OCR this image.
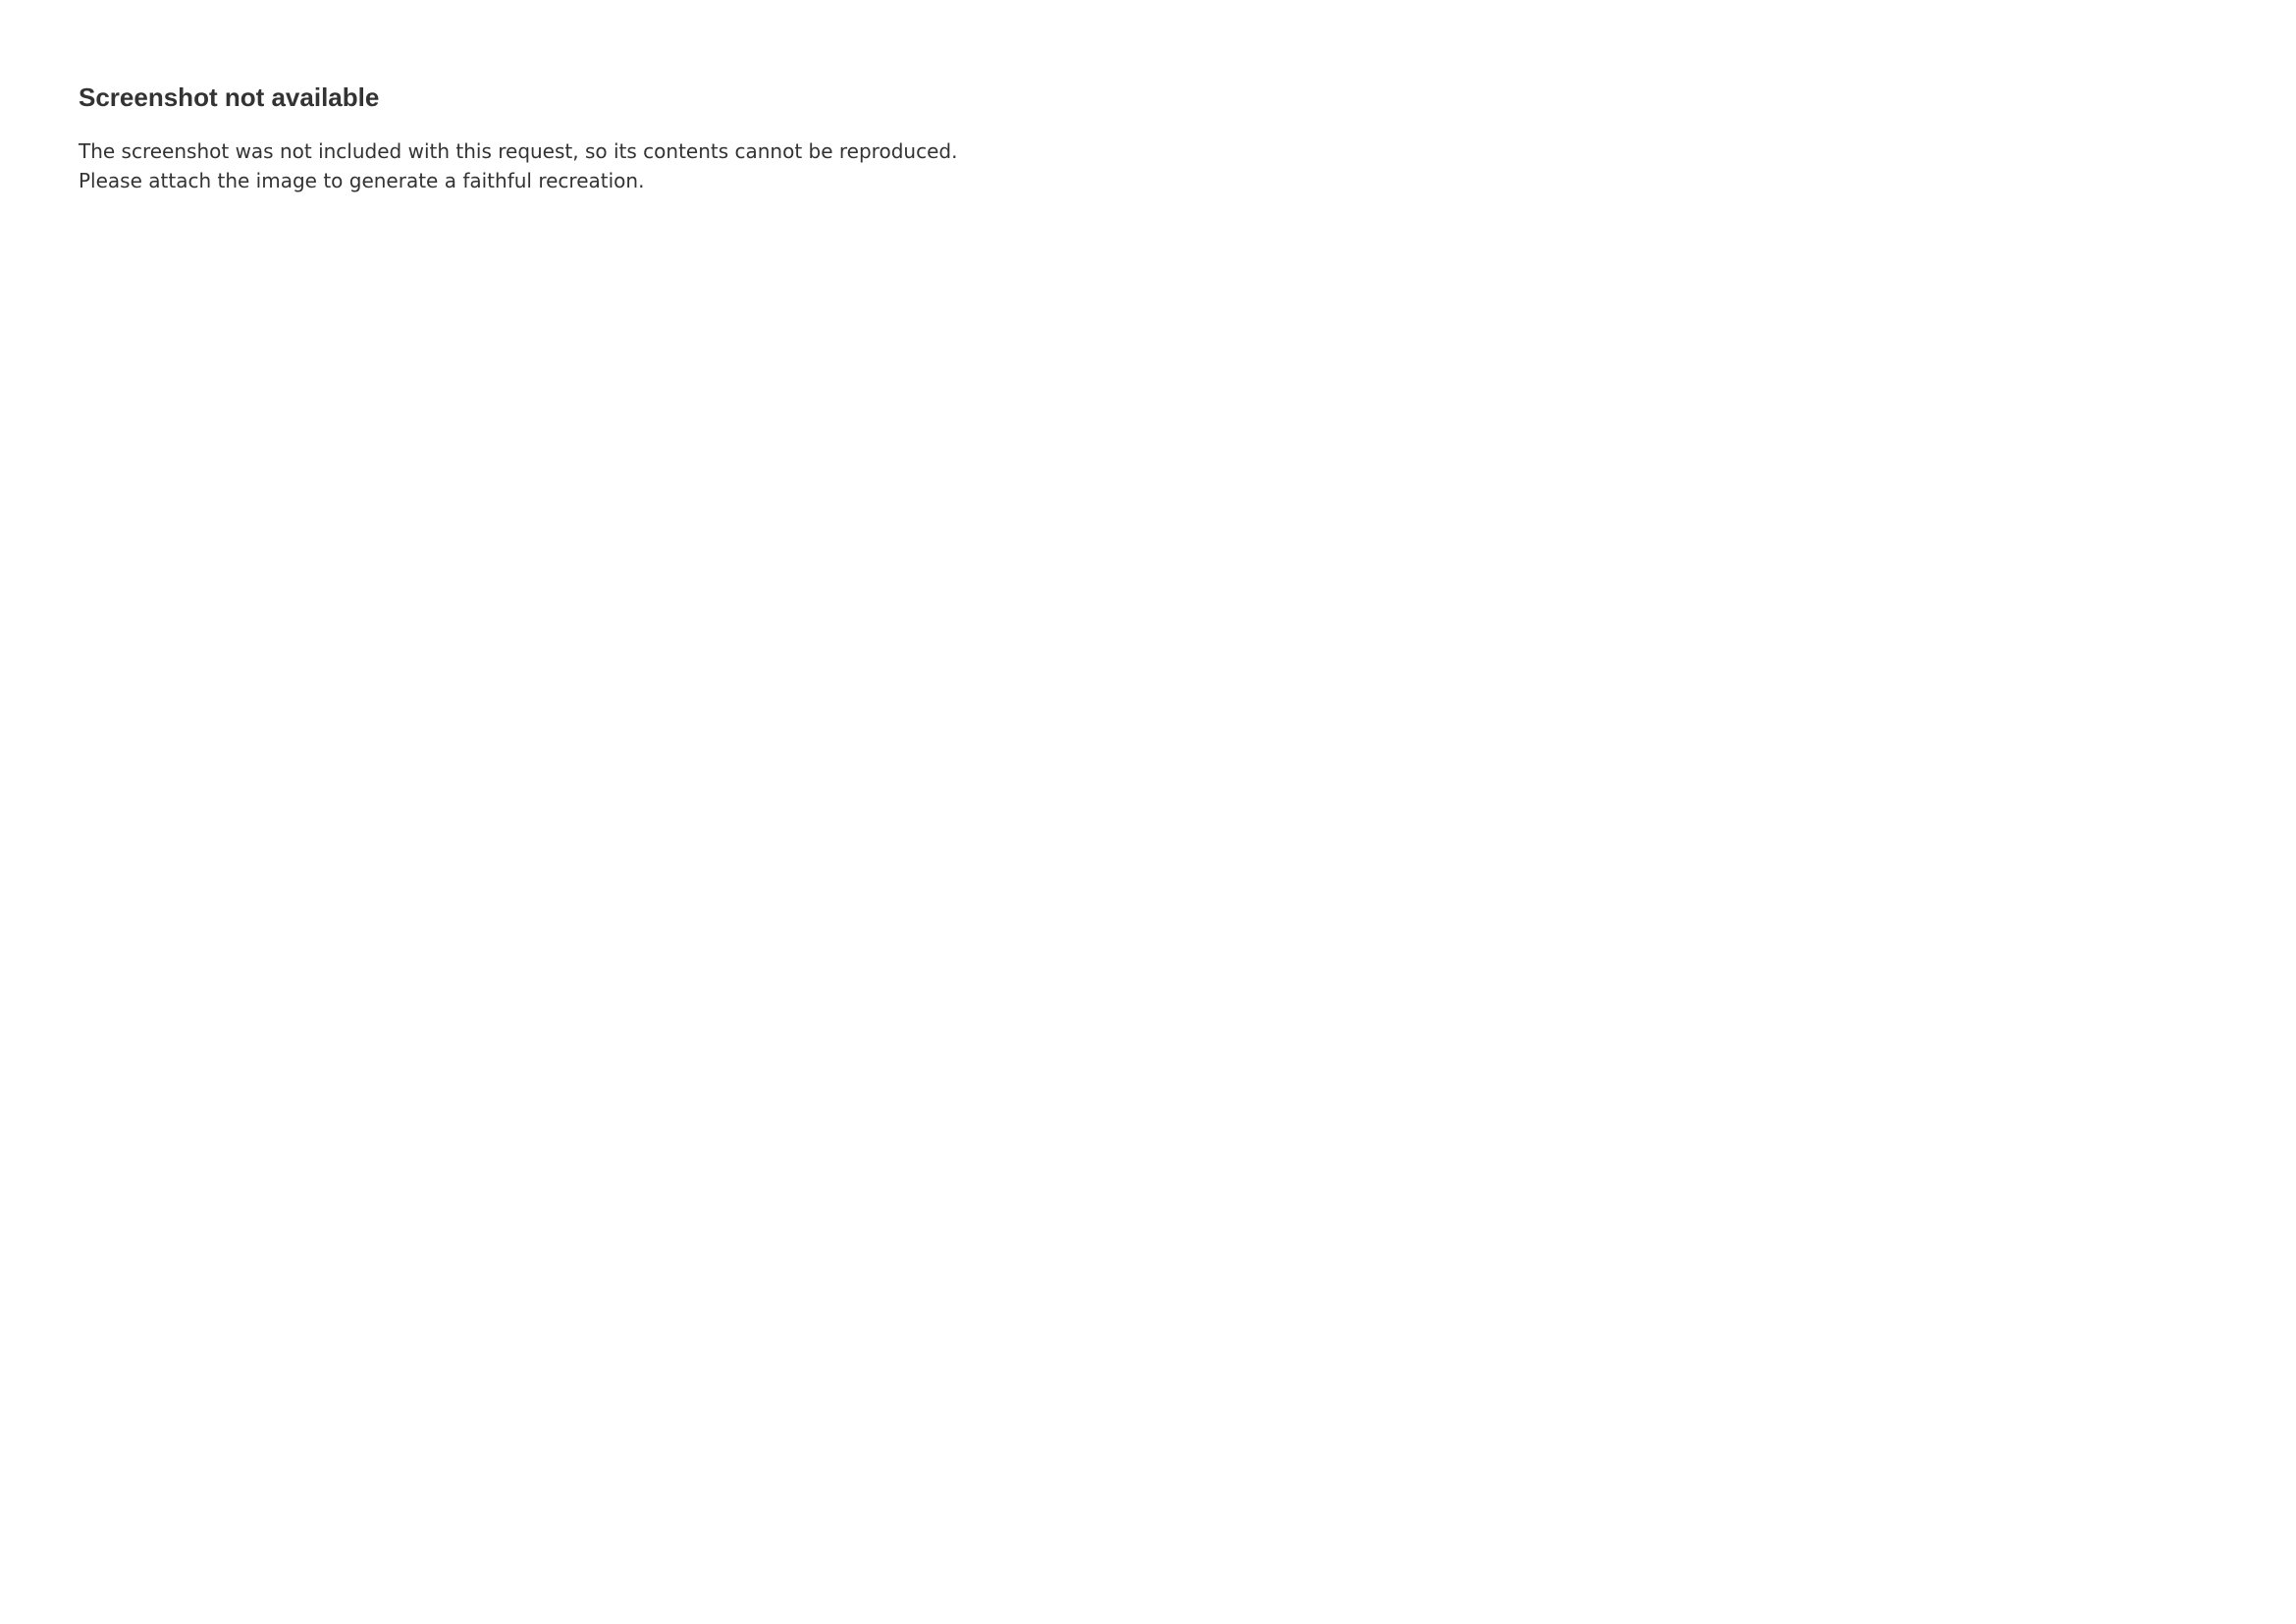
Screenshot not available

The screenshot was not included with this request, so its contents cannot be reproduced. Please attach the image to generate a faithful recreation.
